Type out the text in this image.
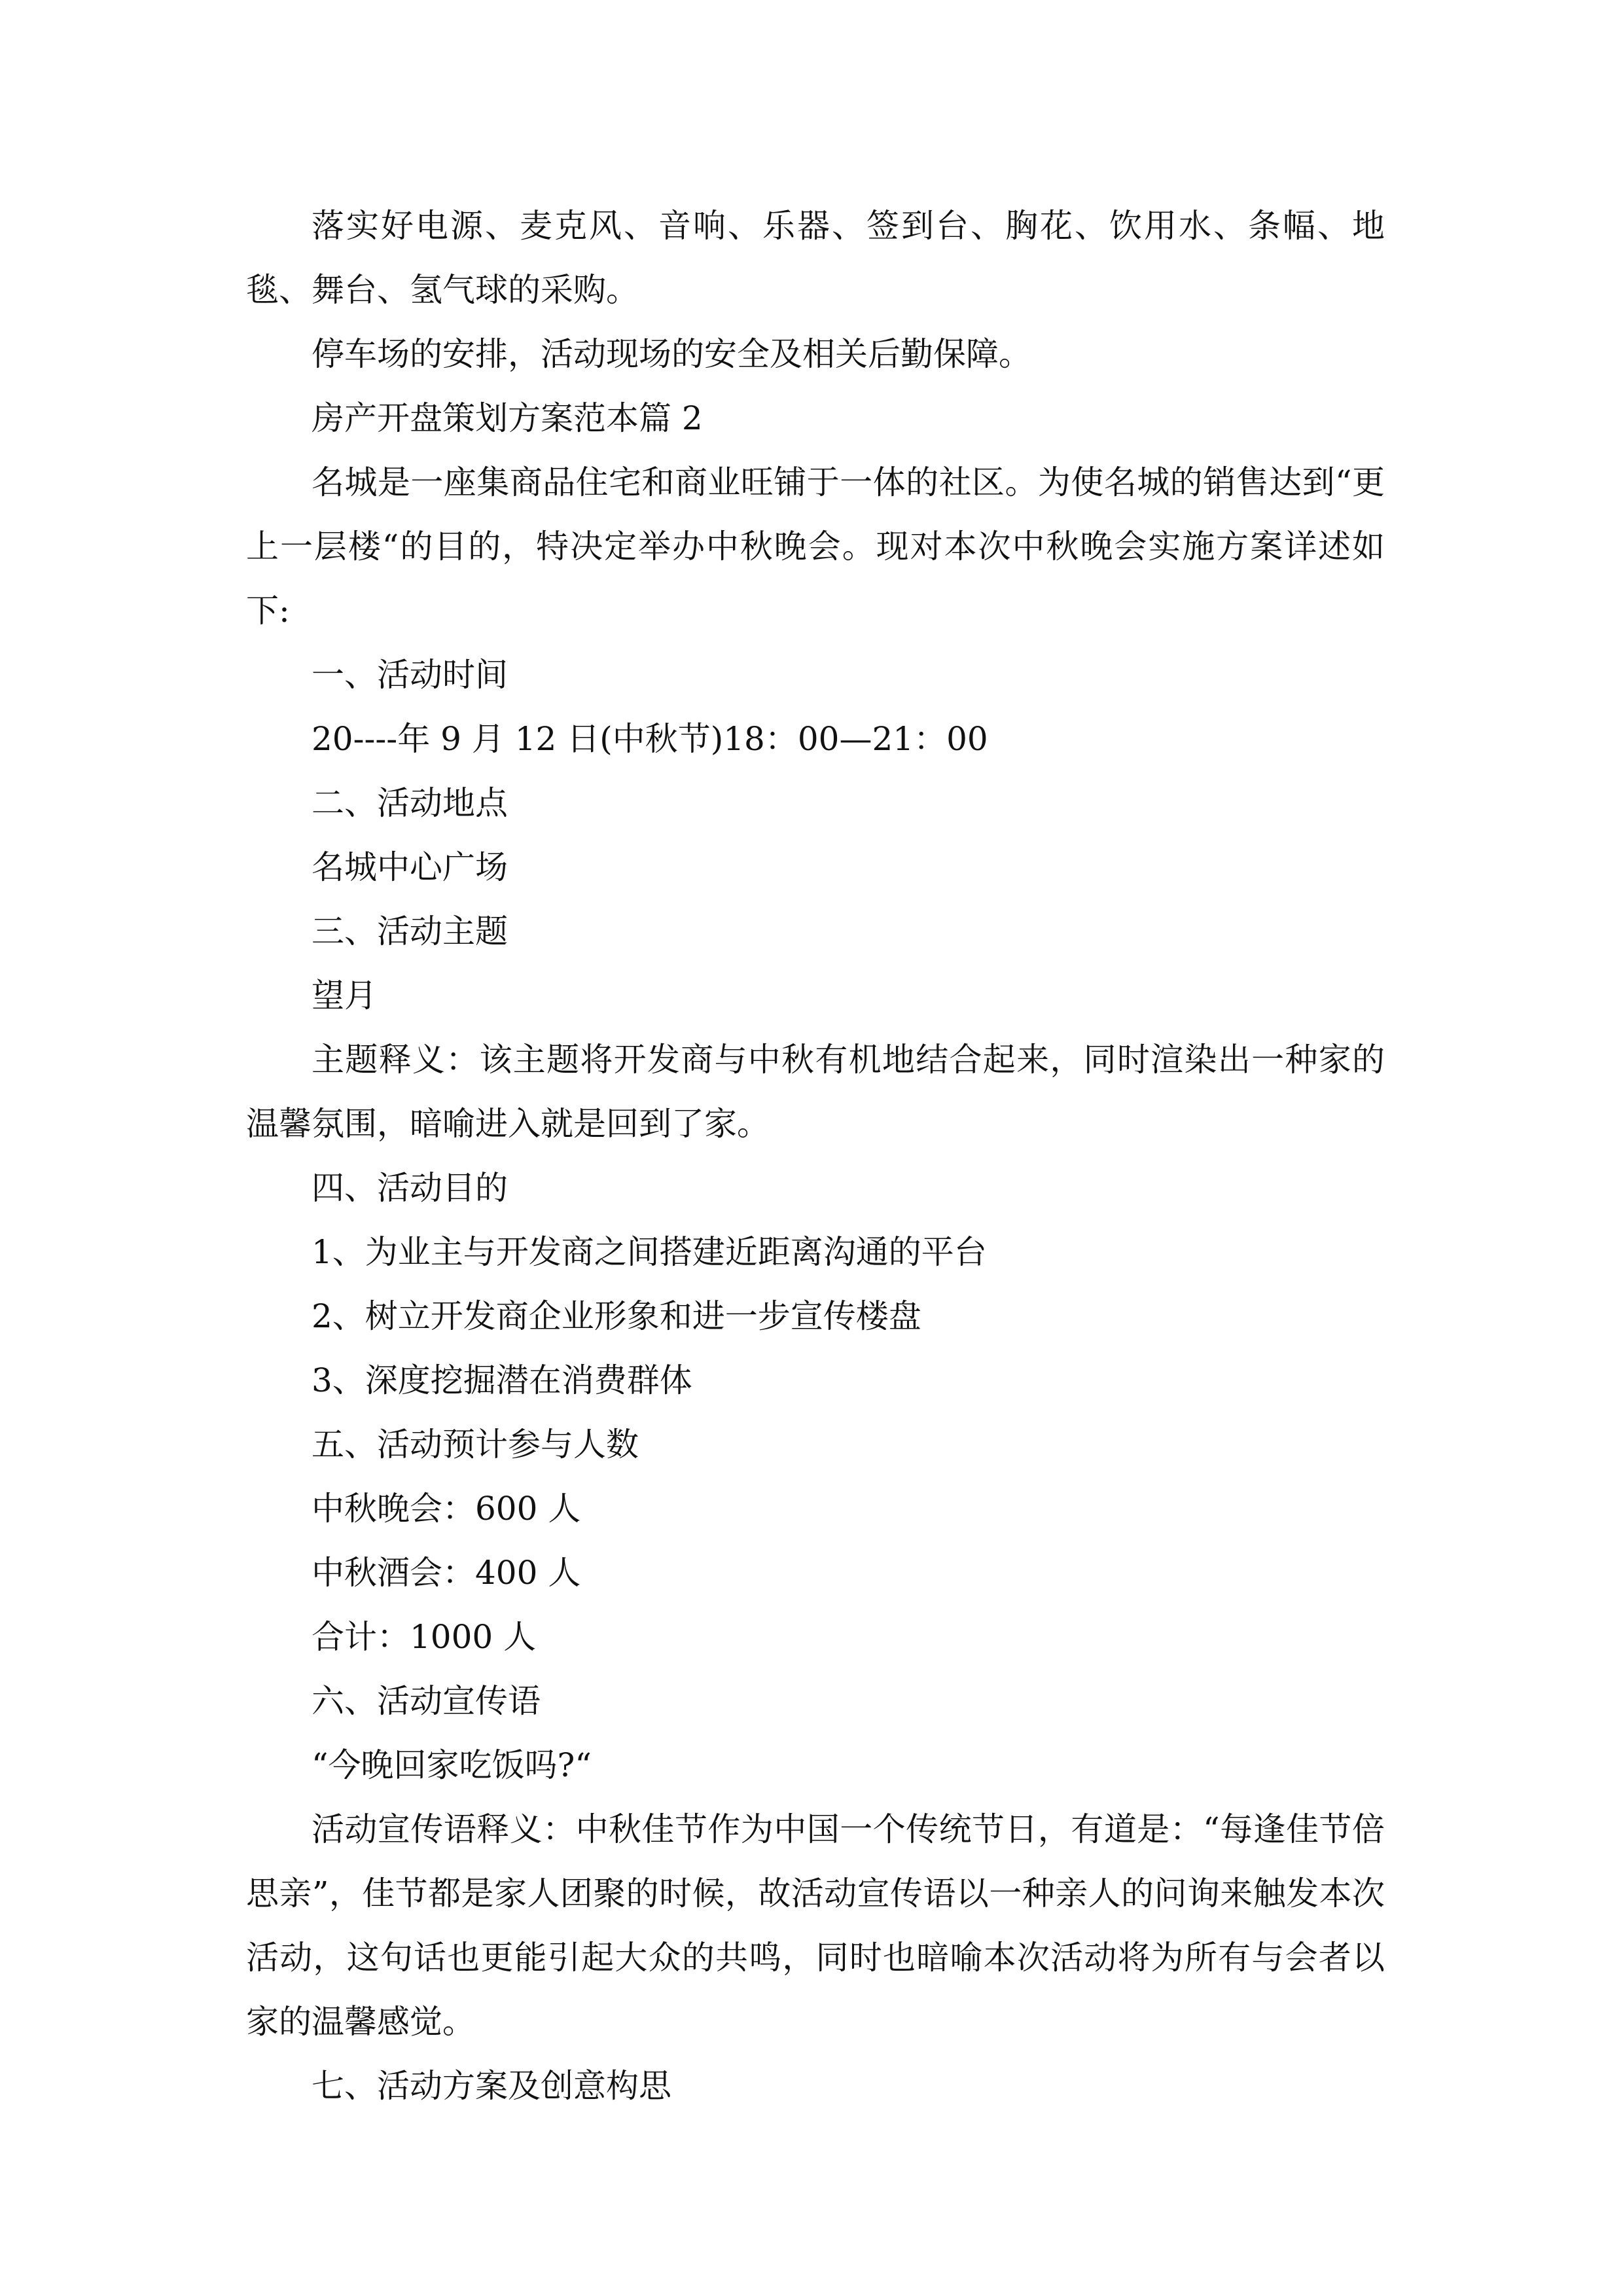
落实好电源、麦克风、音响、乐器、签到台、胸花、饮用水、条幅、地毯、舞台、氢气球的采购。

停车场的安排，活动现场的安全及相关后勤保障。

房产开盘策划方案范本篇 2

名城是一座集商品住宅和商业旺铺于一体的社区。为使名城的销售达到“更上一层楼“的目的，特决定举办中秋晚会。现对本次中秋晚会实施方案详述如下:

一、活动时间

20----年 9 月 12 日(中秋节)18：00—21：00

二、活动地点

名城中心广场

三、活动主题

望月

主题释义：该主题将开发商与中秋有机地结合起来，同时渲染出一种家的温馨氛围，暗喻进入就是回到了家。

四、活动目的

1、为业主与开发商之间搭建近距离沟通的平台

2、树立开发商企业形象和进一步宣传楼盘

3、深度挖掘潜在消费群体

五、活动预计参与人数

中秋晚会：600 人

中秋酒会：400 人

合计：1000 人

六、活动宣传语

“今晚回家吃饭吗?“

活动宣传语释义：中秋佳节作为中国一个传统节日，有道是：“每逢佳节倍思亲”，佳节都是家人团聚的时候，故活动宣传语以一种亲人的问询来触发本次活动，这句话也更能引起大众的共鸣，同时也暗喻本次活动将为所有与会者以家的温馨感觉。

七、活动方案及创意构思
